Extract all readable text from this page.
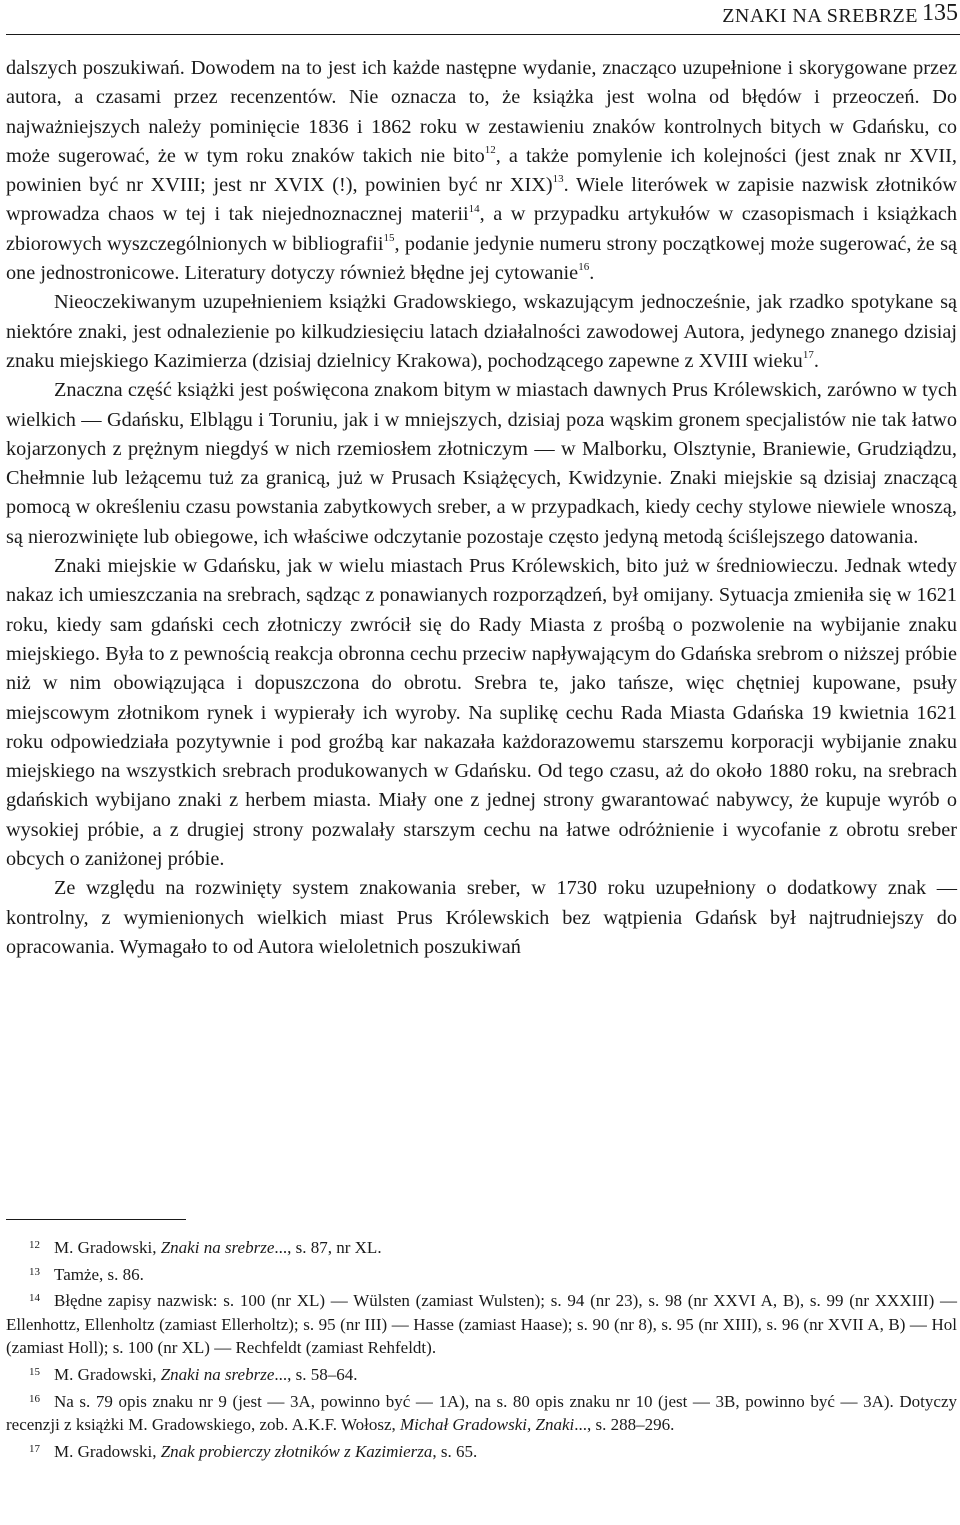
ZNAKI NA SREBRZE 135

dalszych poszukiwań. Dowodem na to jest ich każde następne wydanie, znacząco uzupełnione i skorygowane przez autora, a czasami przez recenzentów. Nie oznacza to, że książka jest wolna od błędów i przeoczeń. Do najważniejszych należy pominięcie 1836 i 1862 roku w zestawieniu znaków kontrolnych bitych w Gdańsku, co może sugerować, że w tym roku znaków takich nie bito$^{12}$, a także pomylenie ich kolejności (jest znak nr XVII, powinien być nr XVIII; jest nr XVIX (!), powinien być nr XIX)$^{13}$. Wiele literówek w zapisie nazwisk złotników wprowadza chaos w tej i tak niejednoznacznej materii$^{14}$, a w przypadku artykułów w czasopismach i książkach zbiorowych wyszczególnionych w bibliografii$^{15}$, podanie jedynie numeru strony początkowej może sugerować, że są one jednostronicowe. Literatury dotyczy również błędne jej cytowanie$^{16}$.

Nieoczekiwanym uzupełnieniem książki Gradowskiego, wskazującym jednocześnie, jak rzadko spotykane są niektóre znaki, jest odnalezienie po kilkudziesięciu latach działalności zawodowej Autora, jedynego znanego dzisiaj znaku miejskiego Kazimierza (dzisiaj dzielnicy Krakowa), pochodzącego zapewne z XVIII wieku$^{17}$.

Znaczna część książki jest poświęcona znakom bitym w miastach dawnych Prus Królewskich, zarówno w tych wielkich — Gdańsku, Elblągu i Toruniu, jak i w mniejszych, dzisiaj poza wąskim gronem specjalistów nie tak łatwo kojarzonych z prężnym niegdyś w nich rzemiosłem złotniczym — w Malborku, Olsztynie, Braniewie, Grudziądzu, Chełmnie lub leżącemu tuż za granicą, już w Prusach Książęcych, Kwidzynie. Znaki miejskie są dzisiaj znaczącą pomocą w określeniu czasu powstania zabytkowych sreber, a w przypadkach, kiedy cechy stylowe niewiele wnoszą, są nierozwinięte lub obiegowe, ich właściwe odczytanie pozostaje często jedyną metodą ściślejszego datowania.

Znaki miejskie w Gdańsku, jak w wielu miastach Prus Królewskich, bito już w średniowieczu. Jednak wtedy nakaz ich umieszczania na srebrach, sądząc z ponawianych rozporządzeń, był omijany. Sytuacja zmieniła się w 1621 roku, kiedy sam gdański cech złotniczy zwrócił się do Rady Miasta z prośbą o pozwolenie na wybijanie znaku miejskiego. Była to z pewnością reakcja obronna cechu przeciw napływającym do Gdańska srebrom o niższej próbie niż w nim obowiązująca i dopuszczona do obrotu. Srebra te, jako tańsze, więc chętniej kupowane, psuły miejscowym złotnikom rynek i wypierały ich wyroby. Na suplikę cechu Rada Miasta Gdańska 19 kwietnia 1621 roku odpowiedziała pozytywnie i pod groźbą kar nakazała każdorazowemu starszemu korporacji wybijanie znaku miejskiego na wszystkich srebrach produkowanych w Gdańsku. Od tego czasu, aż do około 1880 roku, na srebrach gdańskich wybijano znaki z herbem miasta. Miały one z jednej strony gwarantować nabywcy, że kupuje wyrób o wysokiej próbie, a z drugiej strony pozwalały starszym cechu na łatwe odróżnienie i wycofanie z obrotu sreber obcych o zaniżonej próbie.

Ze względu na rozwinięty system znakowania sreber, w 1730 roku uzupełniony o dodatkowy znak — kontrolny, z wymienionych wielkich miast Prus Królewskich bez wątpienia Gdańsk był najtrudniejszy do opracowania. Wymagało to od Autora wieloletnich poszukiwań

12 M. Gradowski, Znaki na srebrze..., s. 87, nr XL.

13 Tamże, s. 86.

14 Błędne zapisy nazwisk: s. 100 (nr XL) — Wülsten (zamiast Wulsten); s. 94 (nr 23), s. 98 (nr XXVI A, B), s. 99 (nr XXXIII) — Ellenhottz, Ellenholtz (zamiast Ellerholtz); s. 95 (nr III) — Hasse (zamiast Haase); s. 90 (nr 8), s. 95 (nr XIII), s. 96 (nr XVII A, B) — Hol (zamiast Holl); s. 100 (nr XL) — Rechfeldt (zamiast Rehfeldt).

15 M. Gradowski, Znaki na srebrze..., s. 58–64.

16 Na s. 79 opis znaku nr 9 (jest — 3A, powinno być — 1A), na s. 80 opis znaku nr 10 (jest — 3B, powinno być — 3A). Dotyczy recenzji z książki M. Gradowskiego, zob. A.K.F. Wołosz, Michał Gradowski, Znaki..., s. 288–296.

17 M. Gradowski, Znak probierczy złotników z Kazimierza, s. 65.
